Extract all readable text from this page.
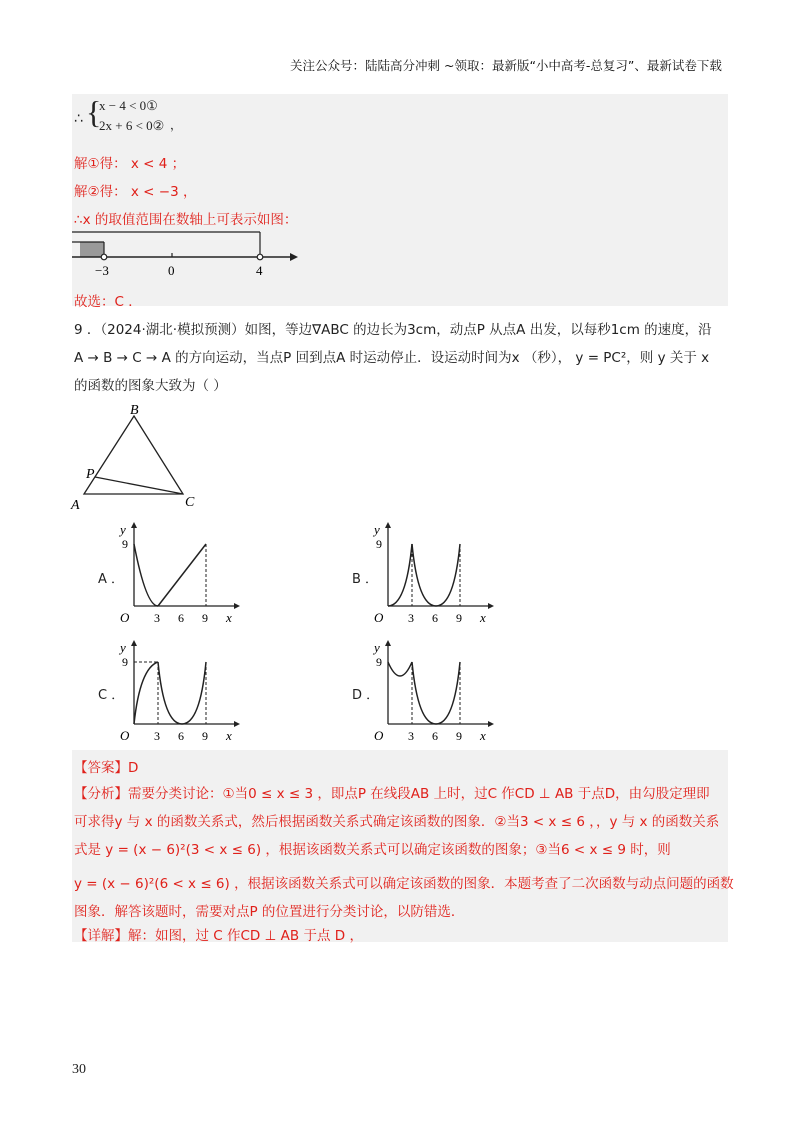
关注公众号：陆陆高分冲刺 ~领取：最新版“小中高考-总复习”、最新试卷下载
∴ {
x − 4 < 0①
2x + 6 < 0② ，
解①得： x < 4 ；
解②得： x < −3 ，
∴x 的取值范围在数轴上可表示如图：
−3	0	4
故选：C ．
9 ．（2024·湖北·模拟预测）如图，等边∇ABC 的边长为3cm，动点P 从点A 出发，以每秒1cm 的速度，沿
A → B → C → A 的方向运动，当点P 回到点A 时运动停止．设运动时间为x （秒）， y = PC²，则 y 关于 x
的函数的图象大致为（ ）
A
B
C
P
A ．	B ．
C ．	D ．
y
9
O 3 6 9 x
y
9
O 3 6 9 x
y
9
O 3 6 9 x
y
9
O 3 6 9 x
【答案】D
【分析】需要分类讨论：①当0 ≤ x ≤ 3 ，即点P 在线段AB 上时，过C 作CD ⊥ AB 于点D，由勾股定理即
可求得y 与 x 的函数关系式，然后根据函数关系式确定该函数的图象．②当3 < x ≤ 6 ，，y 与 x 的函数关系
式是 y = (x − 6)²(3 < x ≤ 6) ，根据该函数关系式可以确定该函数的图象；③当6 < x ≤ 9 时，则
y = (x − 6)²(6 < x ≤ 6) ，根据该函数关系式可以确定该函数的图象．本题考查了二次函数与动点问题的函数
图象．解答该题时，需要对点P 的位置进行分类讨论，以防错选．
【详解】解：如图，过 C 作CD ⊥ AB 于点 D ，
30
